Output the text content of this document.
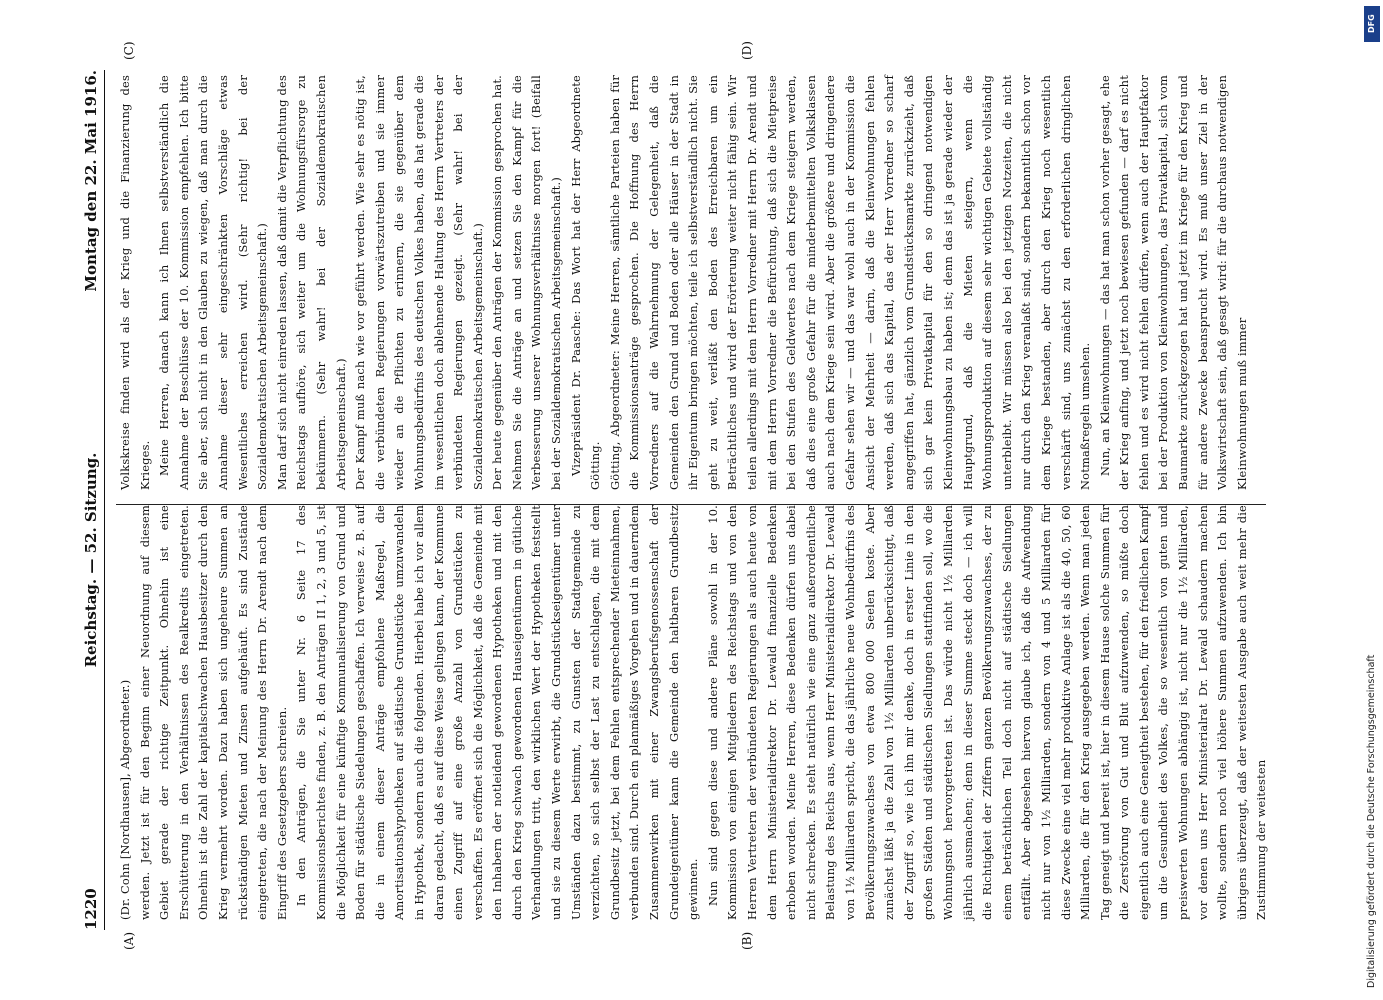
1220
Reichstag. — 52. Sitzung.
Montag den 22. Mai 1916.
(A)	(B)
(C)	(D)

(Dr. Cohn [Nordhausen], Abgeordneter.) werden. Jetzt ist für den Beginn einer Neuordnung auf diesem Gebiet gerade der richtige Zeitpunkt. Ohnehin ist eine Erschütterung in den Verhältnissen des Realkredits eingetreten. Ohnehin ist die Zahl der kapitalschwachen Hausbesitzer durch den Krieg vermehrt worden. Dazu haben sich ungeheure Summen an rückständigen Mieten und Zinsen aufgehäuft. Es sind Zustände eingetreten, die nach der Meinung des Herrn Dr. Arendt nach dem Eingriff des Gesetzgebers schreien. In den Anträgen, die Sie unter Nr. 6 Seite 17 des Kommissionsberichtes finden, z. B. den Anträgen II 1, 2, 3 und 5, ist die Möglichkeit für eine künftige Kommunalisierung von Grund und Boden für städtische Siedelungen geschaffen. Ich verweise z. B. auf die in einem dieser Anträge empfohlene Maßregel, die Amortisationshypotheken auf städtische Grundstücke umzuwandeln in Hypothek, sondern auch die folgenden. Hierbei habe ich vor allem daran gedacht, daß es auf diese Weise gelingen kann, der Kommune einen Zugriff auf eine große Anzahl von Grundstücken zu verschaffen. Es eröffnet sich die Möglichkeit, daß die Gemeinde mit den Inhabern der notleidend gewordenen Hypotheken und mit den durch den Krieg schwach gewordenen Hauseigentümern in gütliche Verhandlungen tritt, den wirklichen Wert der Hypotheken feststellt und sie zu diesem Werte erwirbt, die Grundstückseigentümer unter Umständen dazu bestimmt, zu Gunsten der Stadtgemeinde zu verzichten, so sich selbst der Last zu entschlagen, die mit dem Grundbesitz jetzt, bei dem Fehlen entsprechender Mieteinnahmen, verbunden sind. Durch ein planmäßiges Vorgehen und in dauerndem Zusammenwirken mit einer Zwangsberufsgenossenschaft der Grundeigentümer kann die Gemeinde den haltbaren Grundbesitz gewinnen. Nun sind gegen diese und andere Pläne sowohl in der 10. Kommission von einigen Mitgliedern des Reichstags und von den Herren Vertretern der verbündeten Regierungen als auch heute von dem Herrn Ministerialdirektor Dr. Lewald finanzielle Bedenken erhoben worden. Meine Herren, diese Bedenken dürfen uns dabei nicht schrecken. Es steht natürlich wie eine ganz außerordentliche Belastung des Reichs aus, wenn Herr Ministerialdirektor Dr. Lewald von 1½ Milliarden spricht, die das jährliche neue Wohnbedürfnis des Bevölkerungszuwachses von etwa 800 000 Seelen koste. Aber zunächst läßt ja die Zahl von 1½ Milliarden unberücksichtigt, daß der Zugriff so, wie ich ihn mir denke, doch in erster Linie in den großen Städten und städtischen Siedlungen stattfinden soll, wo die Wohnungsnot hervorgetreten ist. Das würde nicht 1½ Milliarden jährlich ausmachen; denn in dieser Summe steckt doch — ich will die Richtigkeit der Ziffern ganzen Bevölkerungszuwachses, der zu einem beträchtlichen Teil doch nicht auf städtische Siedlungen entfällt. Aber abgesehen hiervon glaube ich, daß die Aufwendung nicht nur von 1½ Milliarden, sondern von 4 und 5 Milliarden für diese Zwecke eine viel mehr produktive Anlage ist als die 40, 50, 60 Milliarden, die für den Krieg ausgegeben werden. Wenn man jeden Tag geneigt und bereit ist, hier in diesem Hause solche Summen für die Zerstörung von Gut und Blut aufzuwenden, so müßte doch eigentlich auch eine Geneigtheit bestehen, für den friedlichen Kampf um die Gesundheit des Volkes, die so wesentlich von guten und preiswerten Wohnungen abhängig ist, nicht nur die 1½ Milliarden, vor denen uns Herr Ministerialrat Dr. Lewald schaudern machen wollte, sondern noch viel höhere Summen aufzuwenden. Ich bin übrigens überzeugt, daß der weitesten Ausgabe auch weit mehr die Zustimmung der weitesten

Volkskreise finden wird als der Krieg und die Finanzierung des Krieges. Meine Herren, danach kann ich Ihnen selbstverständlich die Annahme der Beschlüsse der 10. Kommission empfehlen. Ich bitte Sie aber, sich nicht in den Glauben zu wiegen, daß man durch die Annahme dieser sehr eingeschränkten Vorschläge etwas Wesentliches erreichen wird. (Sehr richtig! bei der Sozialdemokratischen Arbeitsgemeinschaft.) Man darf sich nicht einreden lassen, daß damit die Verpflichtung des Reichstags aufhöre, sich weiter um die Wohnungsfürsorge zu bekümmern. (Sehr wahr! bei der Sozialdemokratischen Arbeitsgemeinschaft.) Der Kampf muß nach wie vor geführt werden. Wie sehr es nötig ist, die verbündeten Regierungen vorwärtszutreiben und sie immer wieder an die Pflichten zu erinnern, die sie gegenüber dem Wohnungsbedürfnis des deutschen Volkes haben, das hat gerade die im wesentlichen doch ablehnende Haltung des Herrn Vertreters der verbündeten Regierungen gezeigt. (Sehr wahr! bei der Sozialdemokratischen Arbeitsgemeinschaft.) Der heute gegenüber den Anträgen der Kommission gesprochen hat. Nehmen Sie die Anträge an und setzen Sie den Kampf für die Verbesserung unserer Wohnungsverhältnisse morgen fort! (Beifall bei der Sozialdemokratischen Arbeitsgemeinschaft.) Vizepräsident Dr. Paasche: Das Wort hat der Herr Abgeordnete Götting. Götting, Abgeordneter: Meine Herren, sämtliche Parteien haben für die Kommissionsanträge gesprochen. Die Hoffnung des Herrn Vorredners auf die Wahrnehmung der Gelegenheit, daß die Gemeinden den Grund und Boden oder alle Häuser in der Stadt in ihr Eigentum bringen möchten, teile ich selbstverständlich nicht. Sie geht zu weit, verläßt den Boden des Erreichbaren um ein Beträchtliches und wird der Erörterung weiter nicht fähig sein. Wir teilen allerdings mit dem Herrn Vorredner mit Herrn Dr. Arendt und mit dem Herrn Vorredner die Befürchtung, daß sich die Mietpreise bei den Stufen des Geldwertes nach dem Kriege steigern werden, daß dies eine große Gefahr für die minderbemittelten Volksklassen auch nach dem Kriege sein wird. Aber die größere und dringendere Gefahr sehen wir — und das war wohl auch in der Kommission die Ansicht der Mehrheit — darin, daß die Kleinwohnungen fehlen werden, daß sich das Kapital, das der Herr Vorredner so scharf angegriffen hat, gänzlich vom Grundstücksmarkte zurückzieht, daß sich gar kein Privatkapital für den so dringend notwendigen Kleinwohnungsbau zu haben ist; denn das ist ja gerade wieder der Hauptgrund, daß die Mieten steigern, wenn die Wohnungsproduktion auf diesem sehr wichtigen Gebiete vollständig unterbleibt. Wir müssen also bei den jetzigen Notzeiten, die nicht nur durch den Krieg veranlaßt sind, sondern bekanntlich schon vor dem Kriege bestanden, aber durch den Krieg noch wesentlich verschärft sind, uns zunächst zu den erforderlichen dringlichen Notmaßregeln umsehen. Nun, an Kleinwohnungen — das hat man schon vorher gesagt, ehe der Krieg anfing, und jetzt noch bewiesen gefunden — darf es nicht fehlen und es wird nicht fehlen dürfen, wenn auch der Hauptfaktor bei der Produktion von Kleinwohnungen, das Privatkapital, sich vom Baumarkte zurückgezogen hat und jetzt im Kriege für den Krieg und für andere Zwecke beansprucht wird. Es muß unser Ziel in der Volkswirtschaft sein, daß gesagt wird: für die durchaus notwendigen Kleinwohnungen muß immer

DFG
Digitalisierung gefördert durch die Deutsche Forschungsgemeinschaft
